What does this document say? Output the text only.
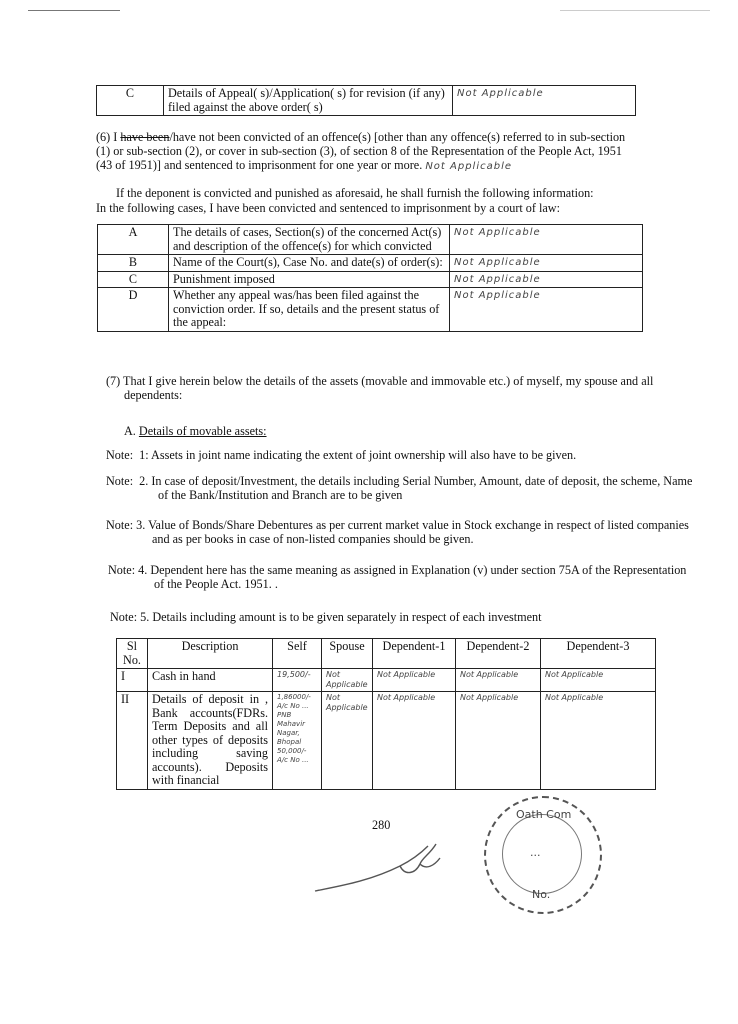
C	Details of Appeal( s)/Application( s) for revision (if any) filed against the above order( s)	Not Applicable
(6) I have been/have not been convicted of an offence(s) [other than any offence(s) referred to in sub-section (1) or sub-section (2), or cover in sub-section (3), of section 8 of the Representation of the People Act, 1951 (43 of 1951)] and sentenced to imprisonment for one year or more. Not Applicable
If the deponent is convicted and punished as aforesaid, he shall furnish the following information:
In the following cases, I have been convicted and sentenced to imprisonment by a court of law:
A	The details of cases, Section(s) of the concerned Act(s) and description of the offence(s) for which convicted	Not Applicable
B	Name of the Court(s), Case No. and date(s) of order(s):	Not Applicable
C	Punishment imposed	Not Applicable
D	Whether any appeal was/has been filed against the conviction order. If so, details and the present status of the appeal:	Not Applicable
(7) That I give herein below the details of the assets (movable and immovable etc.) of myself, my spouse and all dependents:
A. Details of movable assets:
Note: 1: Assets in joint name indicating the extent of joint ownership will also have to be given.
Note: 2. In case of deposit/Investment, the details including Serial Number, Amount, date of deposit, the scheme, Name of the Bank/Institution and Branch are to be given
Note: 3. Value of Bonds/Share Debentures as per current market value in Stock exchange in respect of listed companies and as per books in case of non-listed companies should be given.
Note: 4. Dependent here has the same meaning as assigned in Explanation (v) under section 75A of the Representation of the People Act. 1951. .
Note: 5. Details including amount is to be given separately in respect of each investment
Sl No.	Description	Self	Spouse	Dependent-1	Dependent-2	Dependent-3
I	Cash in hand	19,500/-	Not Applicable	Not Applicable	Not Applicable	Not Applicable
II	Details of deposit in , Bank accounts(FDRs. Term Deposits and all other types of deposits including saving accounts). Deposits with financial	1,86000/- A/c No ... PNB Mahavir Nagar, Bhopal 50,000/- A/c No ...	Not Applicable	Not Applicable	Not Applicable	Not Applicable
280
Oath Com
...
No.
